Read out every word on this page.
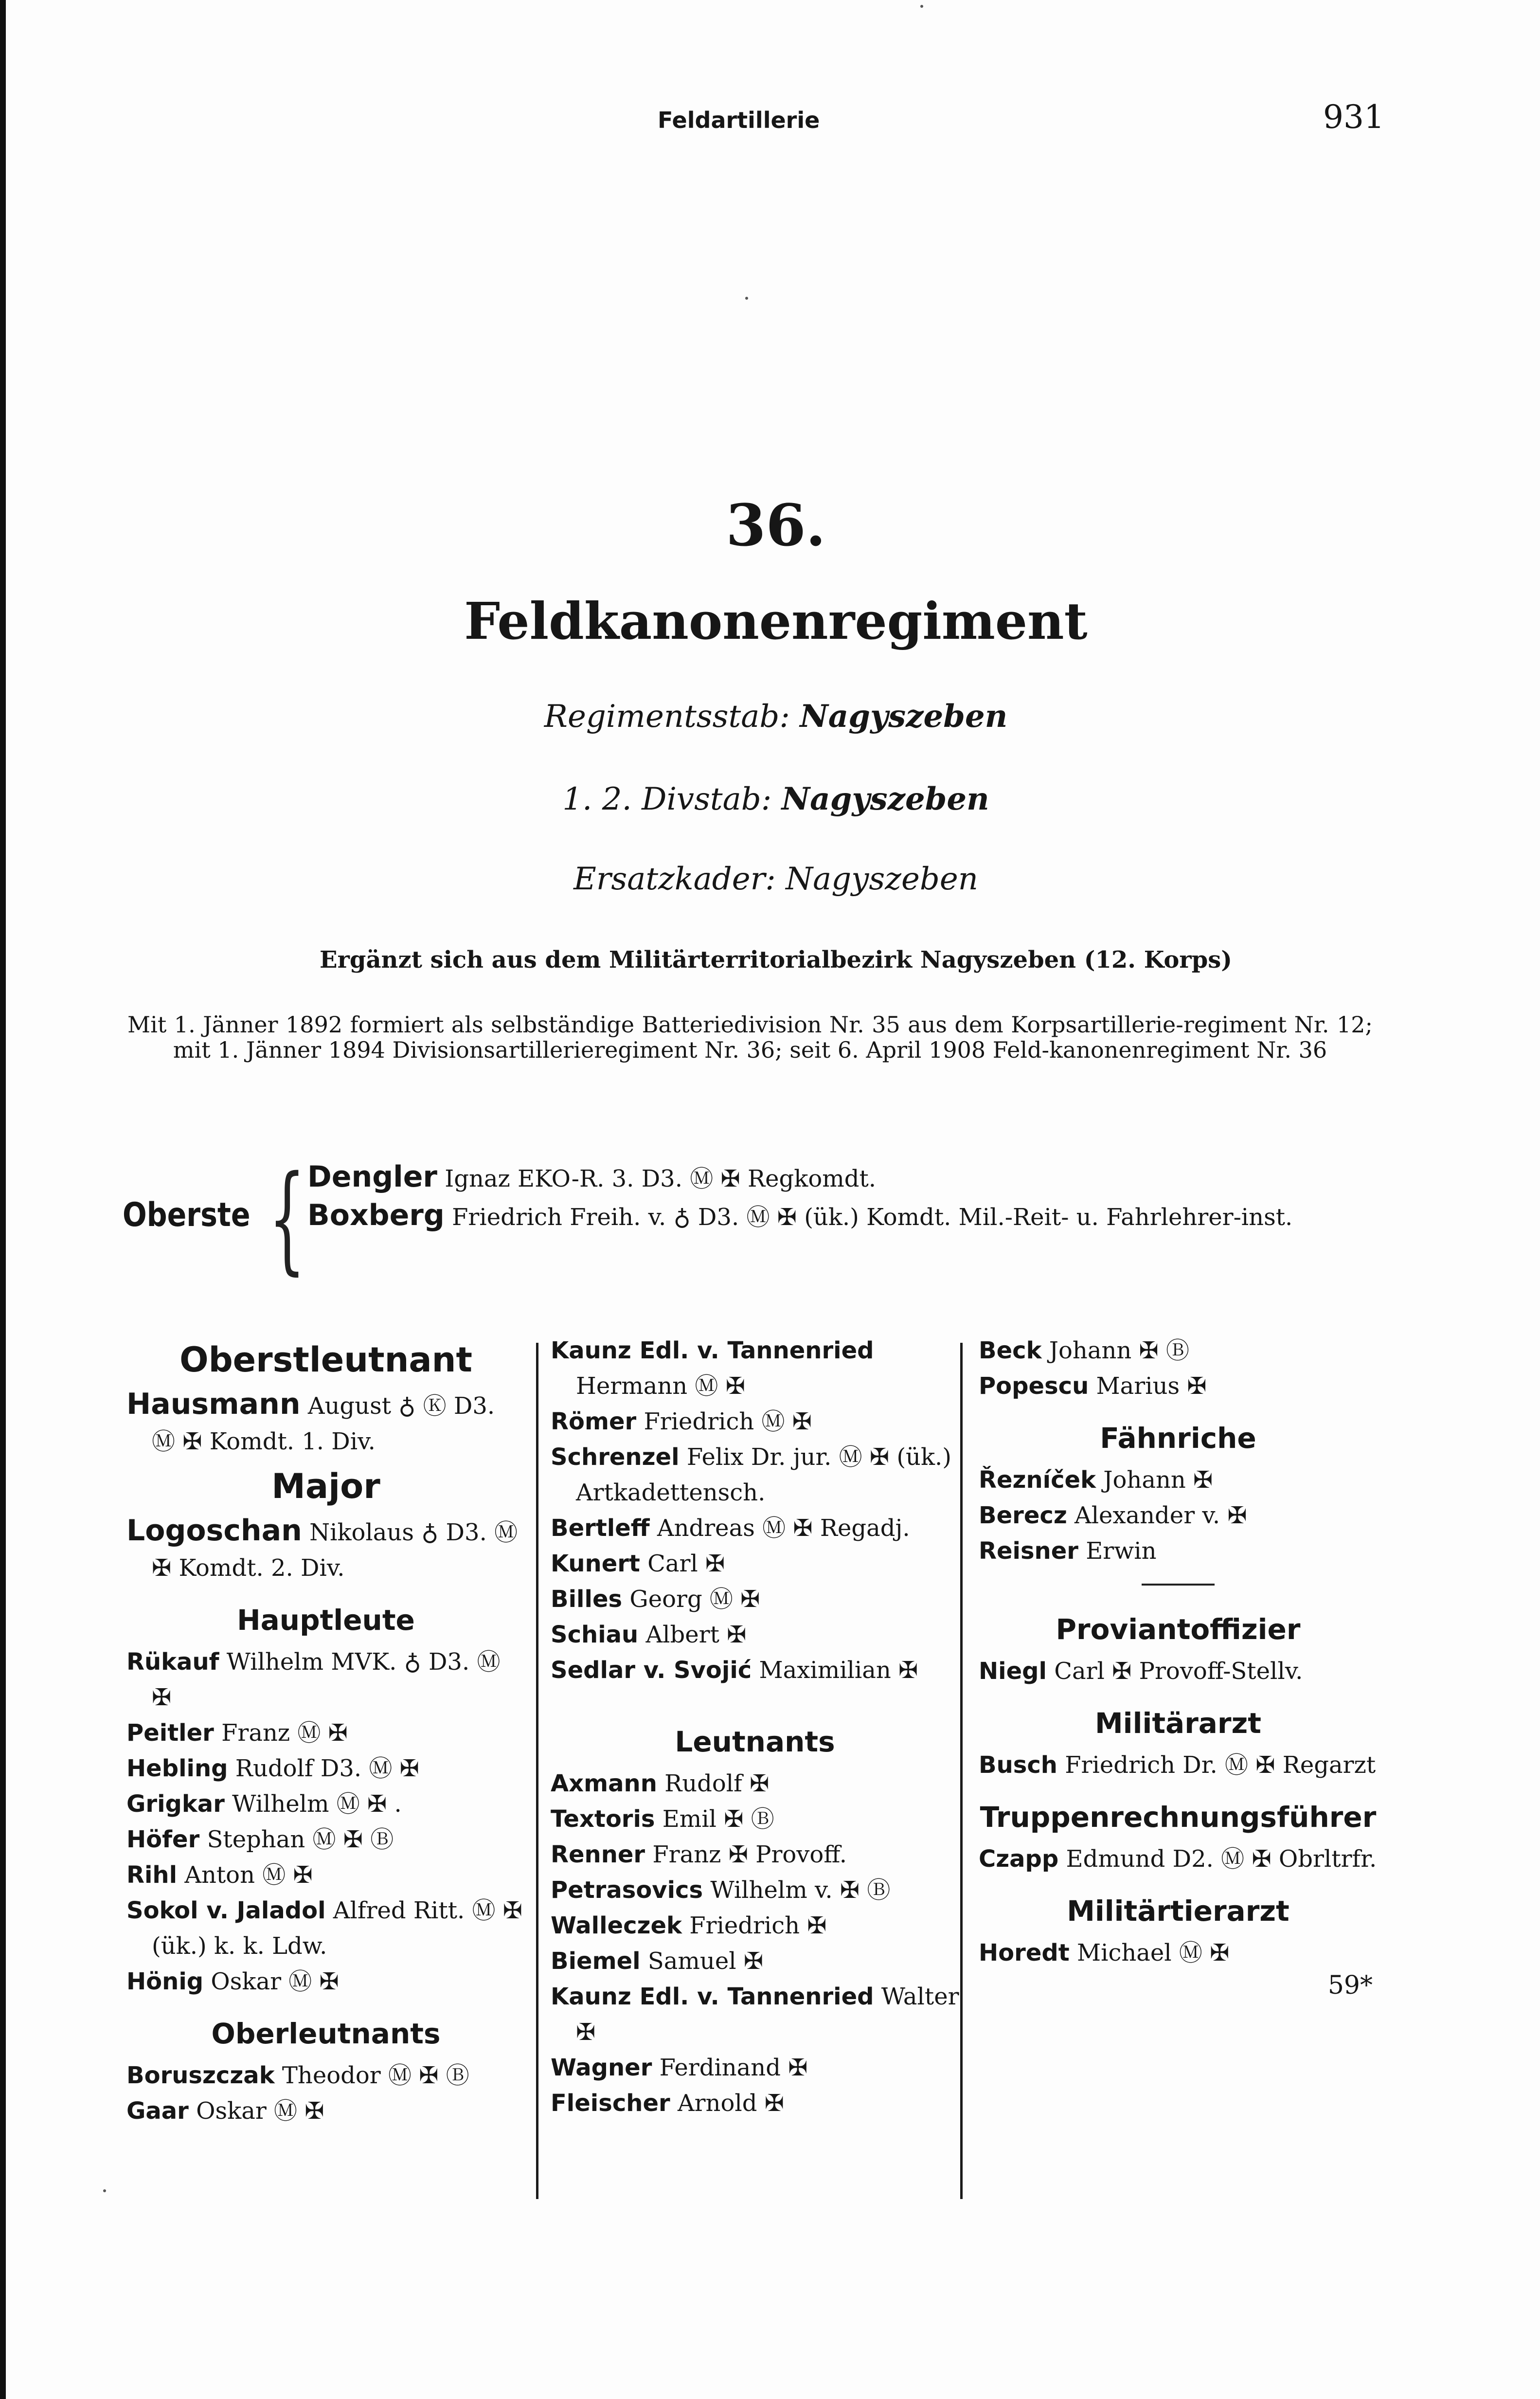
Feldartillerie	931
36.
Feldkanonenregiment
Regimentsstab: Nagyszeben
1. 2. Divstab: Nagyszeben
Ersatzkader: Nagyszeben
Ergänzt sich aus dem Militärterritorialbezirk Nagyszeben (12. Korps)
Mit 1. Jänner 1892 formiert als selbständige Batteriedivision Nr. 35 aus dem Korpsartillerie-regiment Nr. 12; mit 1. Jänner 1894 Divisionsartillerieregiment Nr. 36; seit 6. April 1908 Feld-kanonenregiment Nr. 36
Oberste { Dengler Ignaz EKO-R. 3. D3. Ⓜ ✠ Regkomdt.
Boxberg Friedrich Freih. v. ♁ D3. Ⓜ ✠ (ük.) Komdt. Mil.-Reit- u. Fahrlehrer-inst.
Oberstleutnant
Hausmann August ♁ Ⓚ D3. Ⓜ ✠ Komdt. 1. Div.
Major
Logoschan Nikolaus ♁ D3. Ⓜ ✠ Komdt. 2. Div.
Hauptleute
Rükauf Wilhelm MVK. ♁ D3. Ⓜ ✠
Peitler Franz Ⓜ ✠
Hebling Rudolf D3. Ⓜ ✠
Grigkar Wilhelm Ⓜ ✠ .
Höfer Stephan Ⓜ ✠ Ⓑ
Rihl Anton Ⓜ ✠
Sokol v. Jaladol Alfred Ritt. Ⓜ ✠ (ük.) k. k. Ldw.
Hönig Oskar Ⓜ ✠
Oberleutnants
Boruszczak Theodor Ⓜ ✠ Ⓑ
Gaar Oskar Ⓜ ✠
Kaunz Edl. v. Tannenried Hermann Ⓜ ✠
Römer Friedrich Ⓜ ✠
Schrenzel Felix Dr. jur. Ⓜ ✠ (ük.) Artkadettensch.
Bertleff Andreas Ⓜ ✠ Regadj.
Kunert Carl ✠
Billes Georg Ⓜ ✠
Schiau Albert ✠
Sedlar v. Svojić Maximilian ✠
Leutnants
Axmann Rudolf ✠
Textoris Emil ✠ Ⓑ
Renner Franz ✠ Provoff.
Petrasovics Wilhelm v. ✠ Ⓑ
Walleczek Friedrich ✠
Biemel Samuel ✠
Kaunz Edl. v. Tannenried Walter ✠
Wagner Ferdinand ✠
Fleischer Arnold ✠
Beck Johann ✠ Ⓑ
Popescu Marius ✠
Fähnriche
Řezníček Johann ✠
Berecz Alexander v. ✠
Reisner Erwin
Proviantoffizier
Niegl Carl ✠ Provoff-Stellv.
Militärarzt
Busch Friedrich Dr. Ⓜ ✠ Regarzt
Truppenrechnungsführer
Czapp Edmund D2. Ⓜ ✠ Obrltrfr.
Militärtierarzt
Horedt Michael Ⓜ ✠
59*
